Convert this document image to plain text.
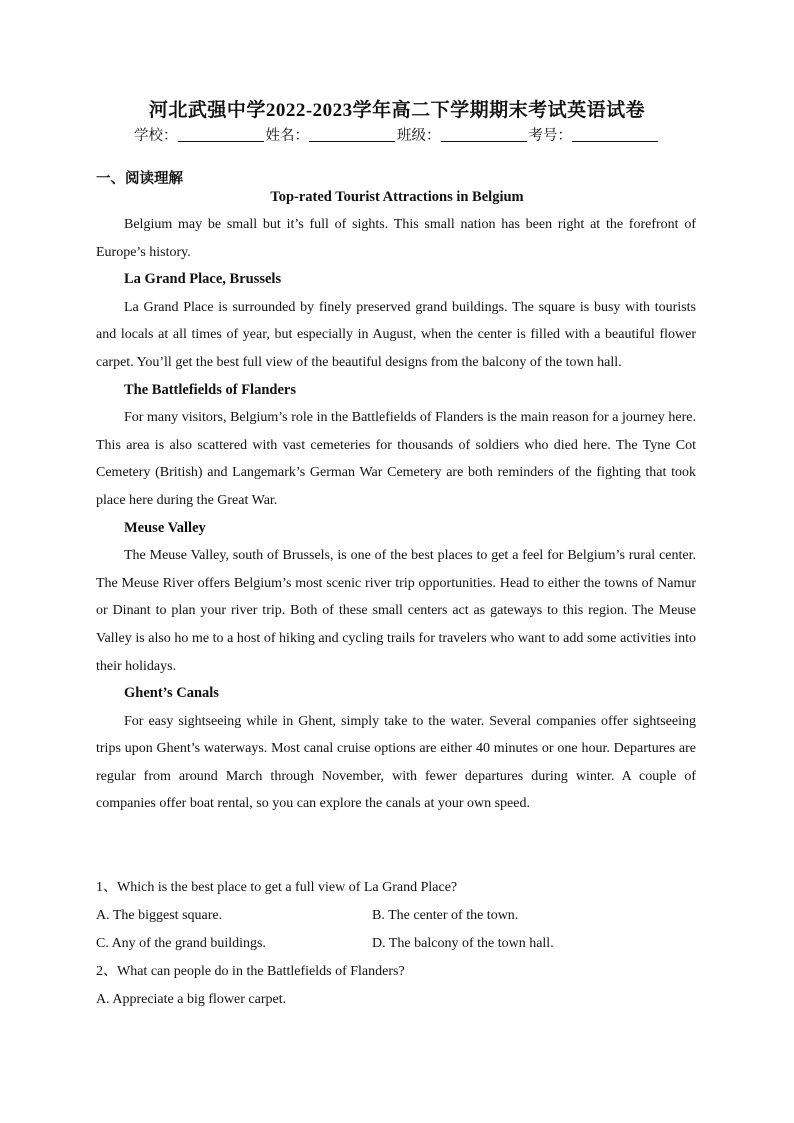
河北武强中学2022-2023学年高二下学期期末考试英语试卷
学校：	姓名：	班级：	考号：
一、阅读理解
Top-rated Tourist Attractions in Belgium

Belgium may be small but it’s full of sights. This small nation has been right at the forefront of Europe’s history.

La Grand Place, Brussels

La Grand Place is surrounded by finely preserved grand buildings. The square is busy with tourists and locals at all times of year, but especially in August, when the center is filled with a beautiful flower carpet. You’ll get the best full view of the beautiful designs from the balcony of the town hall.

The Battlefields of Flanders

For many visitors, Belgium’s role in the Battlefields of Flanders is the main reason for a journey here. This area is also scattered with vast cemeteries for thousands of soldiers who died here. The Tyne Cot Cemetery (British) and Langemark’s German War Cemetery are both reminders of the fighting that took place here during the Great War.

Meuse Valley

The Meuse Valley, south of Brussels, is one of the best places to get a feel for Belgium’s rural center. The Meuse River offers Belgium’s most scenic river trip opportunities. Head to either the towns of Namur or Dinant to plan your river trip. Both of these small centers act as gateways to this region. The Meuse Valley is also ho me to a host of hiking and cycling trails for travelers who want to add some activities into their holidays.

Ghent’s Canals

For easy sightseeing while in Ghent, simply take to the water. Several companies offer sightseeing trips upon Ghent’s waterways. Most canal cruise options are either 40 minutes or one hour. Departures are regular from around March through November, with fewer departures during winter. A couple of companies offer boat rental, so you can explore the canals at your own speed.

1、Which is the best place to get a full view of La Grand Place?
A. The biggest square.	B. The center of the town.
C. Any of the grand buildings.	D. The balcony of the town hall.
2、What can people do in the Battlefields of Flanders?
A. Appreciate a big flower carpet.
